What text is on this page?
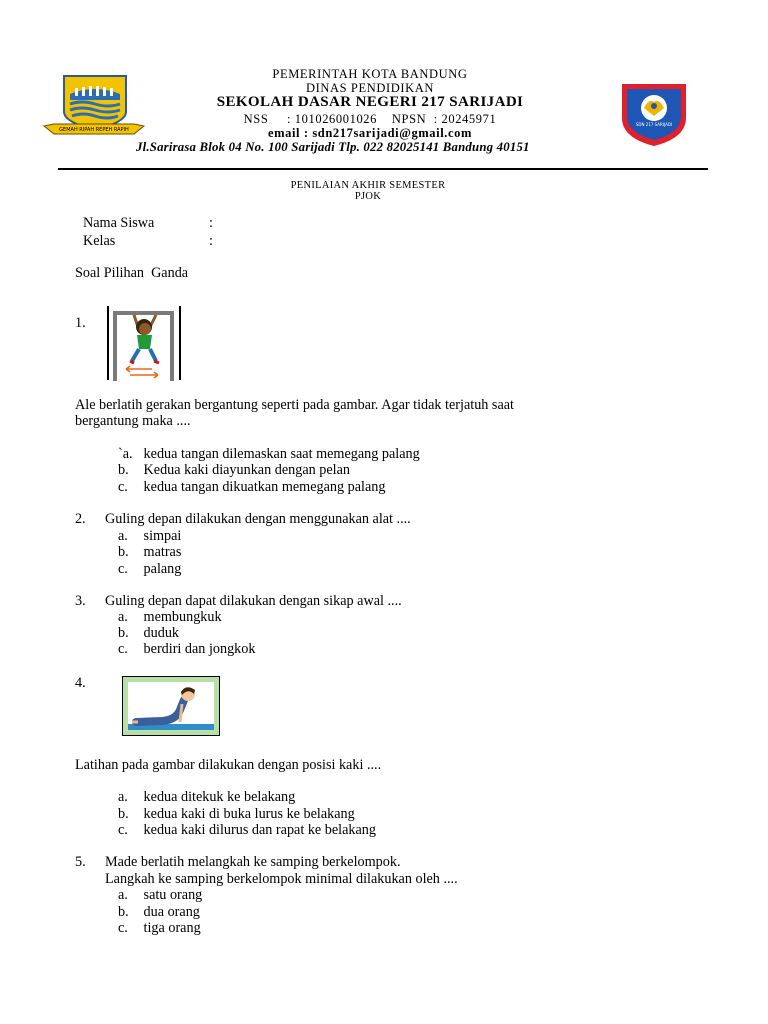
GEMAH RIPAH REPEH RAPIH
PEMERINTAH KOTA BANDUNG
DINAS PENDIDIKAN
SEKOLAH DASAR NEGERI 217 SARIJADI
NSS     : 101026001026    NPSN  : 20245971
email : sdn217sarijadi@gmail.com
Jl.Sarirasa Blok 04 No. 100 Sarijadi Tlp. 022 82025141 Bandung 40151
SDN 217 SARIJADI
PENILAIAN AKHIR SEMESTER
PJOK
Nama Siswa	:
Kelas	:
Soal Pilihan  Ganda
1.
Ale berlatih gerakan bergantung seperti pada gambar. Agar tidak terjatuh saat
bergantung maka ....
`a. kedua tangan dilemaskan saat memegang palang
b. Kedua kaki diayunkan dengan pelan
c. kedua tangan dikuatkan memegang palang
2. Guling depan dilakukan dengan menggunakan alat ....
a. simpai
b. matras
c. palang
3. Guling depan dapat dilakukan dengan sikap awal ....
a. membungkuk
b. duduk
c. berdiri dan jongkok
4.
Latihan pada gambar dilakukan dengan posisi kaki ....
a. kedua ditekuk ke belakang
b. kedua kaki di buka lurus ke belakang
c. kedua kaki dilurus dan rapat ke belakang
5. Made berlatih melangkah ke samping berkelompok.
Langkah ke samping berkelompok minimal dilakukan oleh ....
a. satu orang
b. dua orang
c. tiga orang
